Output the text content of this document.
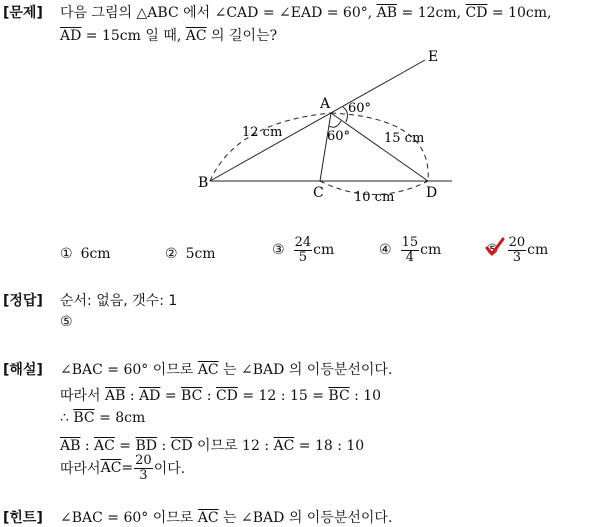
[문제] 다음 그림의 △ABC 에서 ∠CAD = ∠EAD = 60°, $\overline{AB} = 12cm$, $\overline{CD} = 10cm$,
$\overline{AD} = 15cm$ 일 때, $\overline{AC}$ 의 길이는?
A
B
C	D
E
60°
60°
12 cm	15 cm
10 cm
① 6cm	② 5cm	③ $\frac{24}{5}$ cm	④ $\frac{15}{4}$ cm	⑤ $\frac{20}{3}$ cm
[정답] 순서: 없음, 갯수: 1
⑤
[해설] ∠BAC = 60° 이므로 $\overline{AC}$ 는 ∠BAD 의 이등분선이다.
따라서 $\overline{AB}$ : $\overline{AD} = \overline{BC}$ : $\overline{CD} = 12$ : $15 = \overline{BC}$ : 10
∴ $\overline{BC} = 8cm$
$\overline{AB}$ : $\overline{AC} = \overline{BD}$ : $\overline{CD}$ 이므로 12 : $\overline{AC} = 18$ : 10
따라서 $\overline{AC} = \frac{20}{3}$ 이다.
[힌트] ∠BAC = 60° 이므로 $\overline{AC}$ 는 ∠BAD 의 이등분선이다.
